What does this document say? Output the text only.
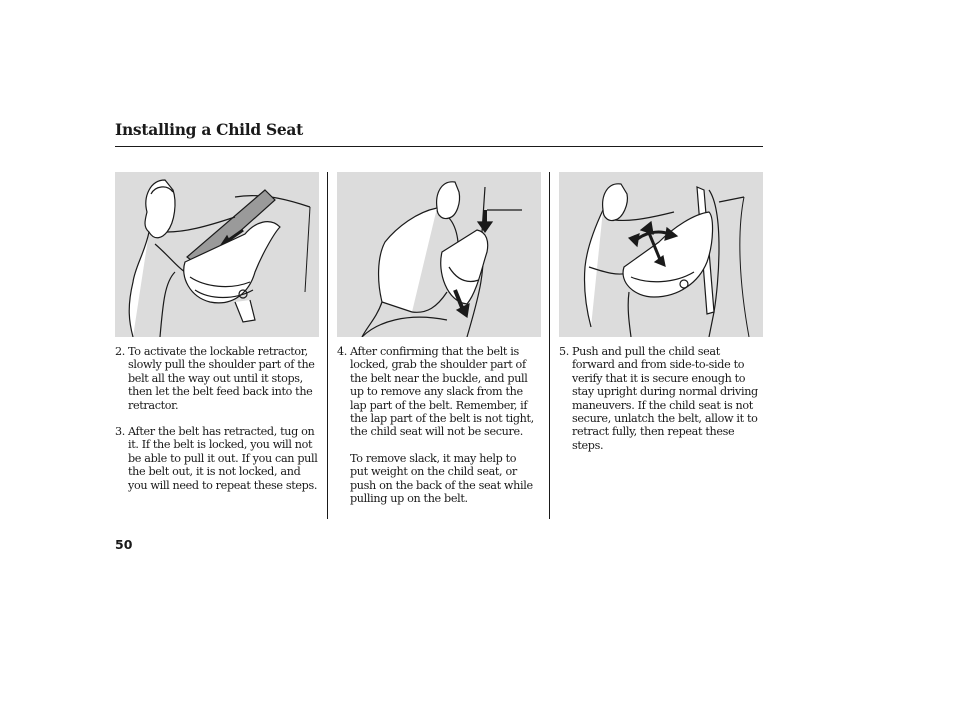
Installing a Child Seat
2. To activate the lockable retractor,
slowly pull the shoulder part of the
belt all the way out until it stops,
then let the belt feed back into the
retractor.
3. After the belt has retracted, tug on
it. If the belt is locked, you will not
be able to pull it out. If you can pull
the belt out, it is not locked, and
you will need to repeat these steps.
4. After confirming that the belt is
locked, grab the shoulder part of
the belt near the buckle, and pull
up to remove any slack from the
lap part of the belt. Remember, if
the lap part of the belt is not tight,
the child seat will not be secure.
To remove slack, it may help to
put weight on the child seat, or
push on the back of the seat while
pulling up on the belt.
5. Push and pull the child seat
forward and from side-to-side to
verify that it is secure enough to
stay upright during normal driving
maneuvers. If the child seat is not
secure, unlatch the belt, allow it to
retract fully, then repeat these
steps.
50
